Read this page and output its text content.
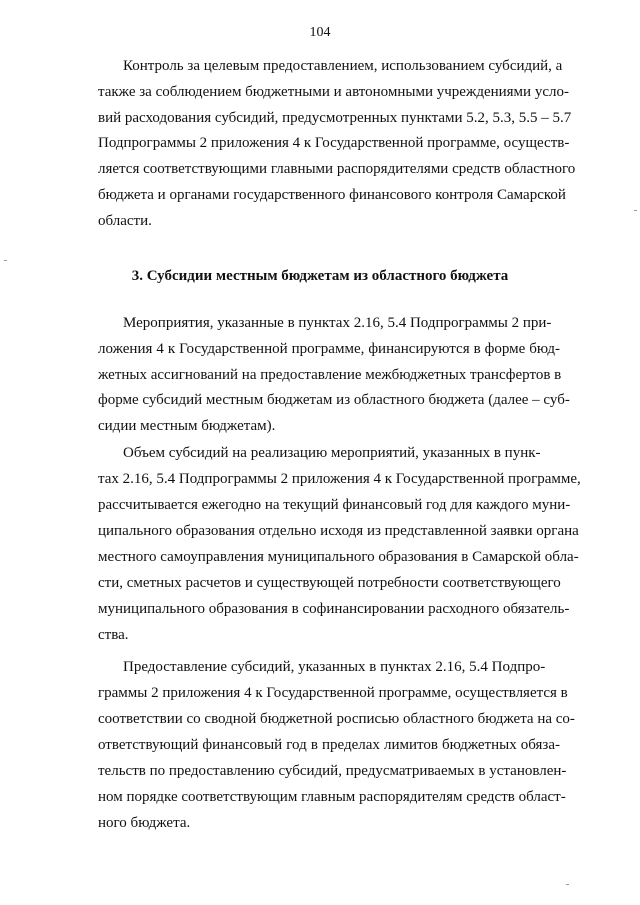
104

Контроль за целевым предоставлением, использованием субсидий, а

также за соблюдением бюджетными и автономными учреждениями усло-

вий расходования субсидий, предусмотренных пунктами 5.2, 5.3, 5.5 – 5.7

Подпрограммы 2 приложения 4 к Государственной программе, осуществ-

ляется соответствующими главными распорядителями средств областного

бюджета и органами государственного финансового контроля Самарской

области.

3. Субсидии местным бюджетам из областного бюджета

Мероприятия, указанные в пунктах 2.16, 5.4 Подпрограммы 2 при-

ложения 4 к Государственной программе, финансируются в форме бюд-

жетных ассигнований на предоставление межбюджетных трансфертов в

форме субсидий местным бюджетам из областного бюджета (далее – суб-

сидии местным бюджетам).

Объем субсидий на реализацию мероприятий, указанных в пунк-

тах 2.16, 5.4 Подпрограммы 2 приложения 4 к Государственной программе,

рассчитывается ежегодно на текущий финансовый год для каждого муни-

ципального образования отдельно исходя из представленной заявки органа

местного самоуправления муниципального образования в Самарской обла-

сти, сметных расчетов и существующей потребности соответствующего

муниципального образования в софинансировании расходного обязатель-

ства.

Предоставление субсидий, указанных в пунктах 2.16, 5.4 Подпро-

граммы 2 приложения 4 к Государственной программе, осуществляется в

соответствии со сводной бюджетной росписью областного бюджета на со-

ответствующий финансовый год в пределах лимитов бюджетных обяза-

тельств по предоставлению субсидий, предусматриваемых в установлен-

ном порядке соответствующим главным распорядителям средств област-

ного бюджета.
